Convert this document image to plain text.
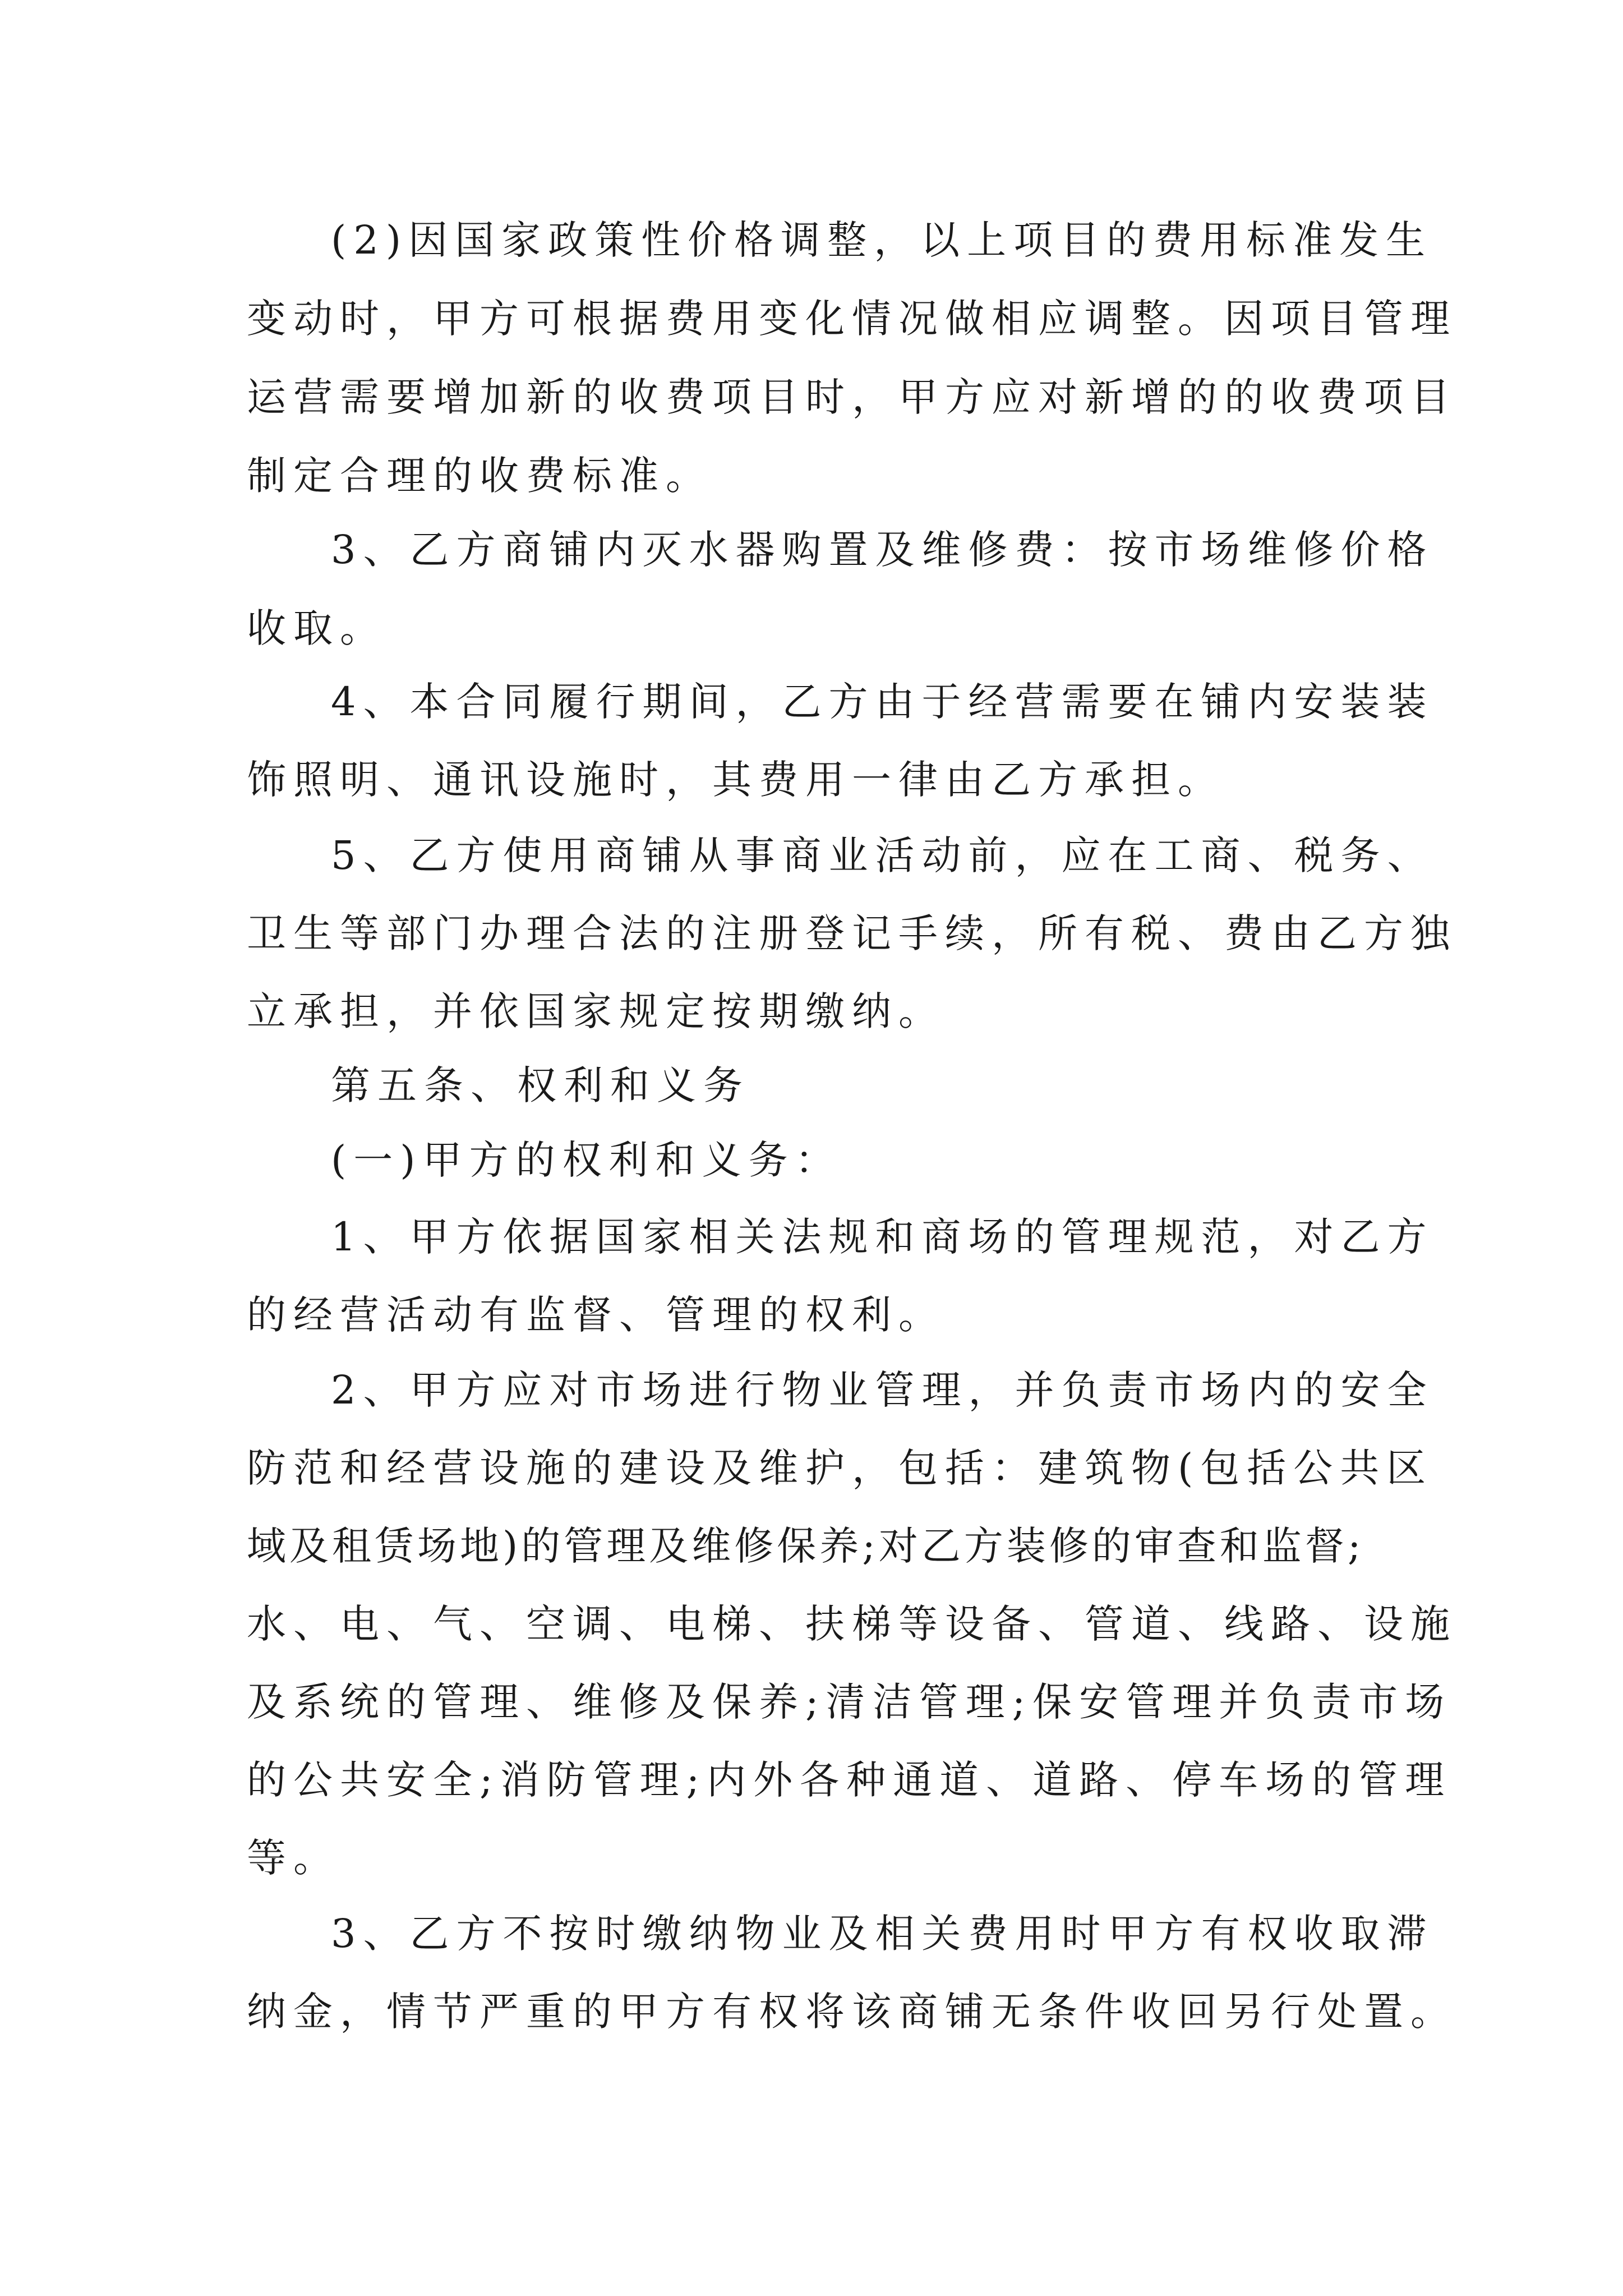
(2)因国家政策性价格调整，以上项目的费用标准发生

变动时，甲方可根据费用变化情况做相应调整。因项目管理

运营需要增加新的收费项目时，甲方应对新增的的收费项目

制定合理的收费标准。

3、乙方商铺内灭水器购置及维修费：按市场维修价格

收取。

4、本合同履行期间，乙方由于经营需要在铺内安装装

饰照明、通讯设施时，其费用一律由乙方承担。

5、乙方使用商铺从事商业活动前，应在工商、税务、

卫生等部门办理合法的注册登记手续，所有税、费由乙方独

立承担，并依国家规定按期缴纳。

第五条、权利和义务

(一)甲方的权利和义务：

1、甲方依据国家相关法规和商场的管理规范，对乙方

的经营活动有监督、管理的权利。

2、甲方应对市场进行物业管理，并负责市场内的安全

防范和经营设施的建设及维护，包括：建筑物(包括公共区

域及租赁场地)的管理及维修保养;对乙方装修的审查和监督;

水、电、气、空调、电梯、扶梯等设备、管道、线路、设施

及系统的管理、维修及保养;清洁管理;保安管理并负责市场

的公共安全;消防管理;内外各种通道、道路、停车场的管理

等。

3、乙方不按时缴纳物业及相关费用时甲方有权收取滞

纳金，情节严重的甲方有权将该商铺无条件收回另行处置。
